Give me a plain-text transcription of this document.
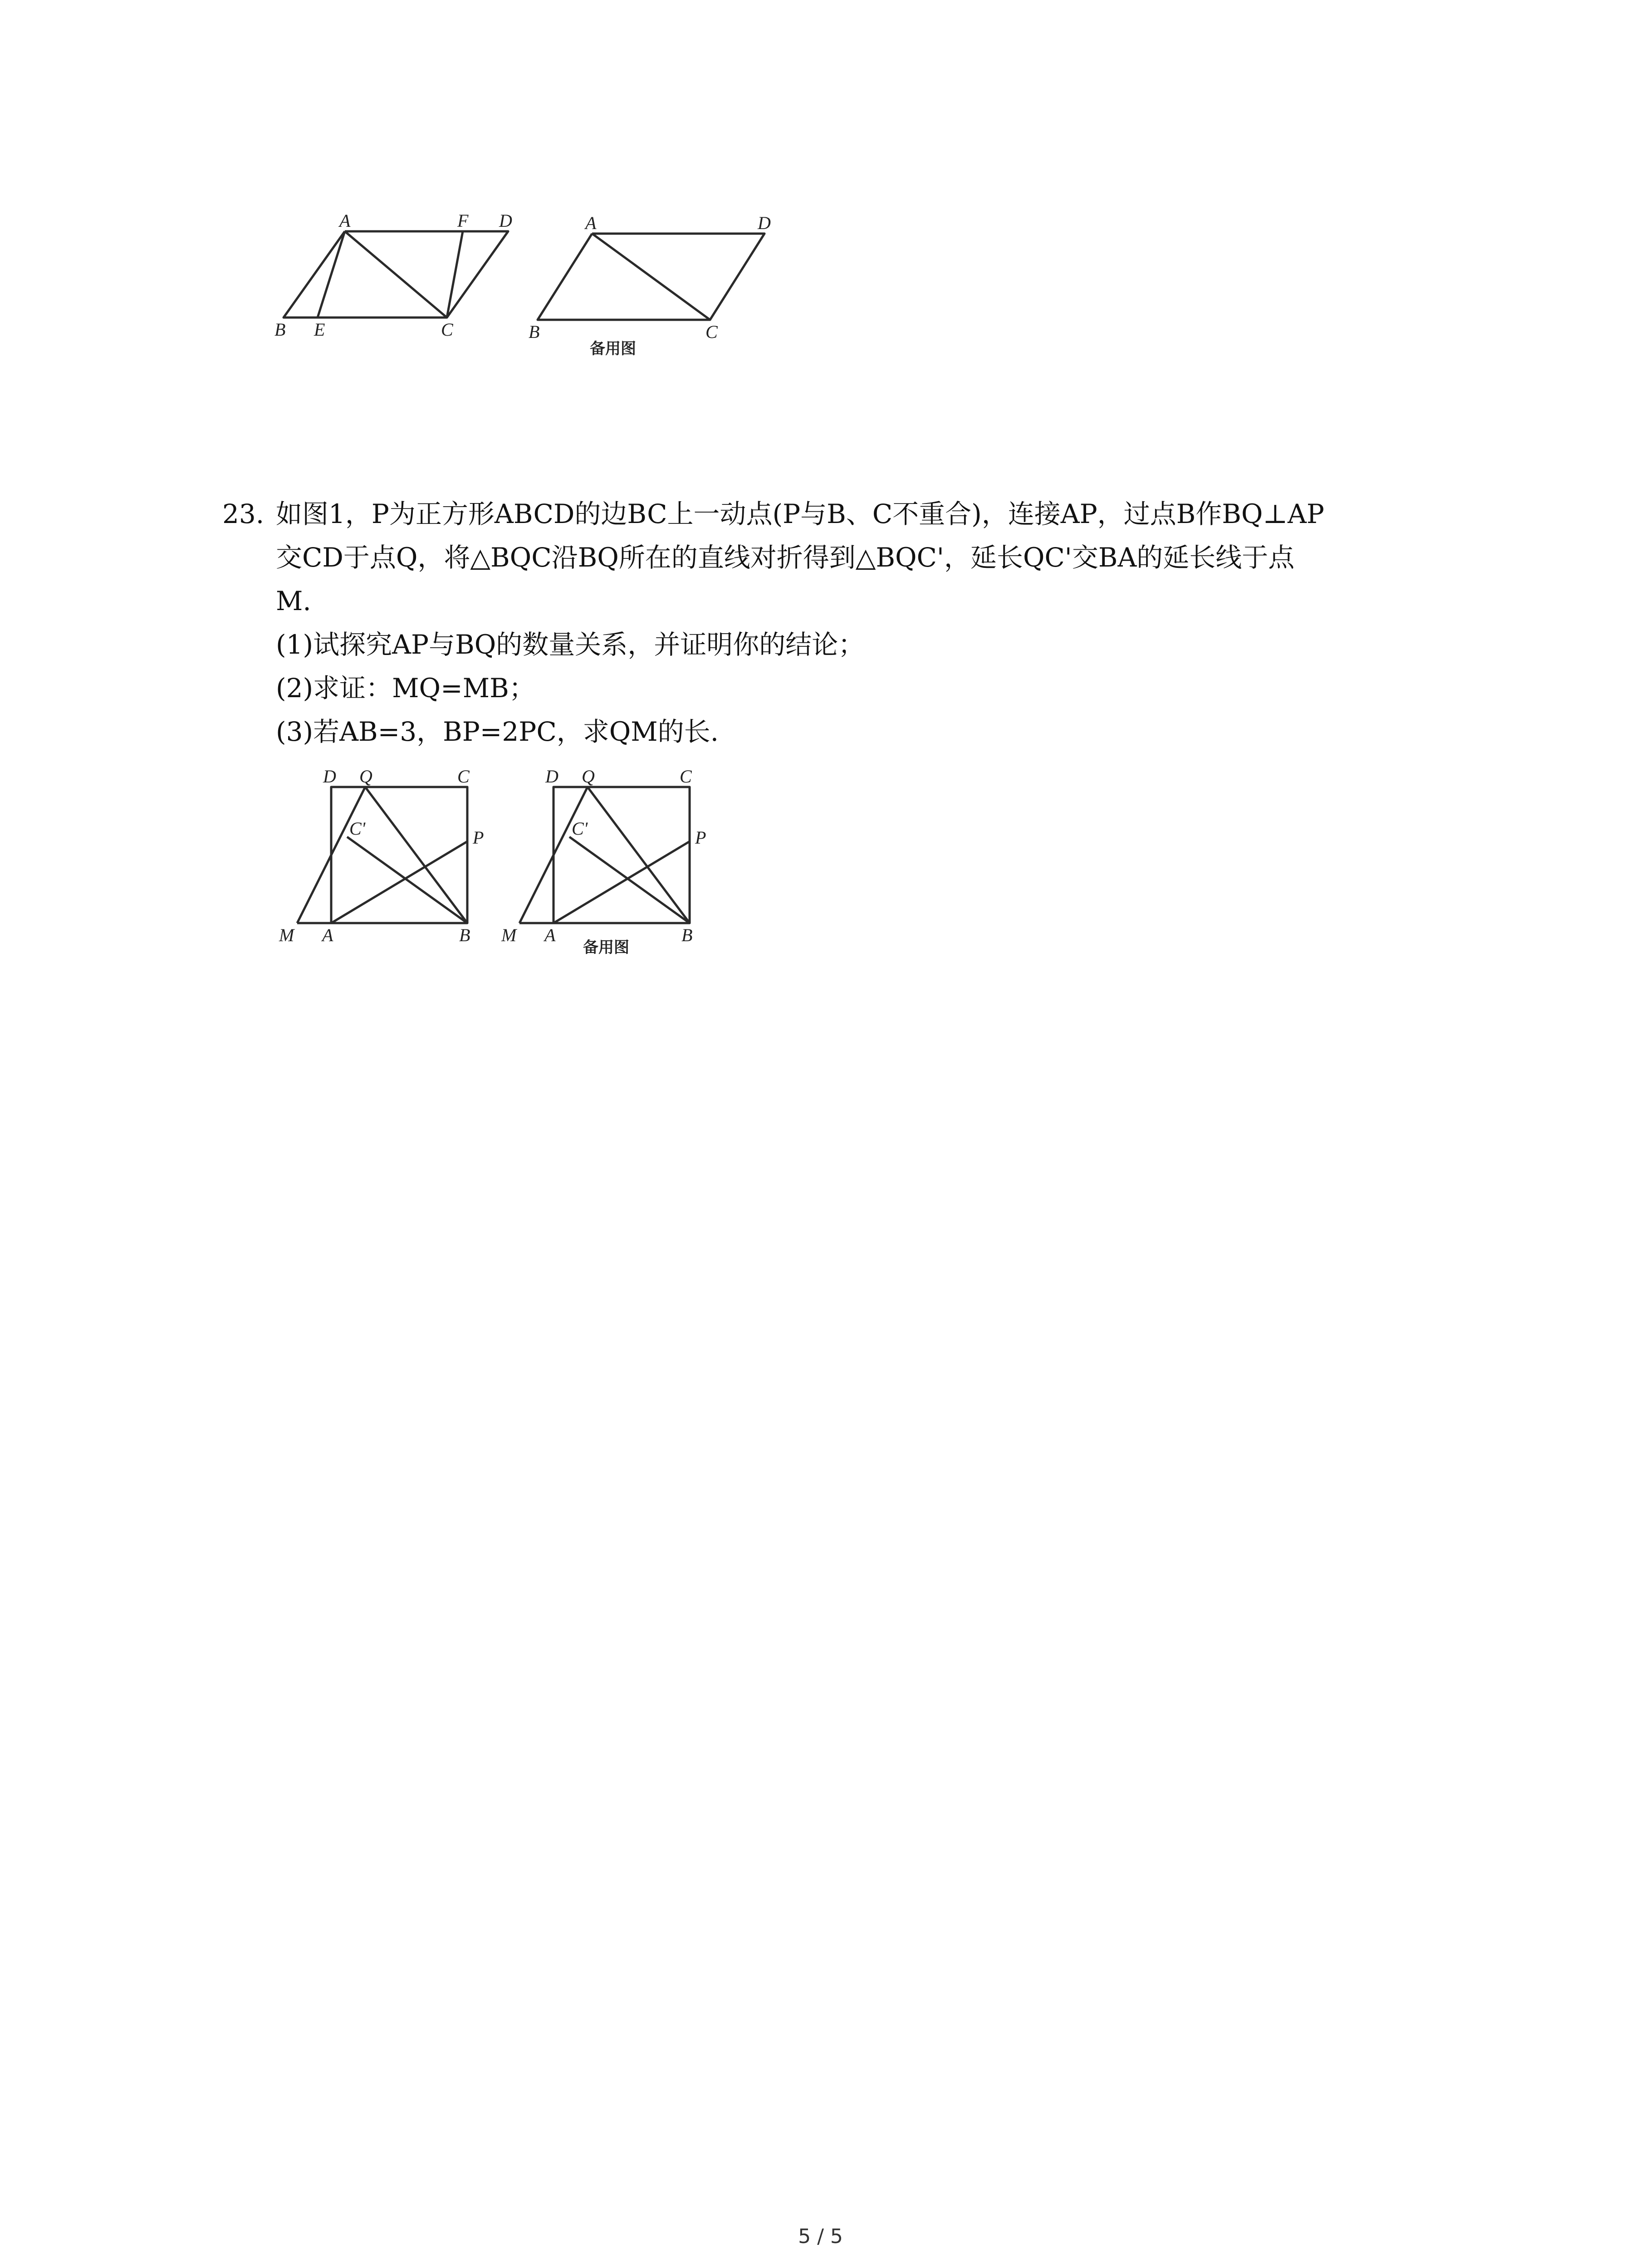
A	F D
B E	C
A	D
B	C
备用图
23. 如图1，P为正方形ABCD的边BC上一动点(P与B、C不重合)，连接AP，过点B作BQ⊥AP

交CD于点Q，将△BQC沿BQ所在的直线对折得到△BQC'，延长QC'交BA的延长线于点

M.

(1)试探究AP与BQ的数量关系，并证明你的结论；

(2)求证：MQ=MB；

(3)若AB=3，BP=2PC，求QM的长.

D Q	C
P
C'
M A	B
D Q	C
P
C'
M A	B
备用图
5 / 5
